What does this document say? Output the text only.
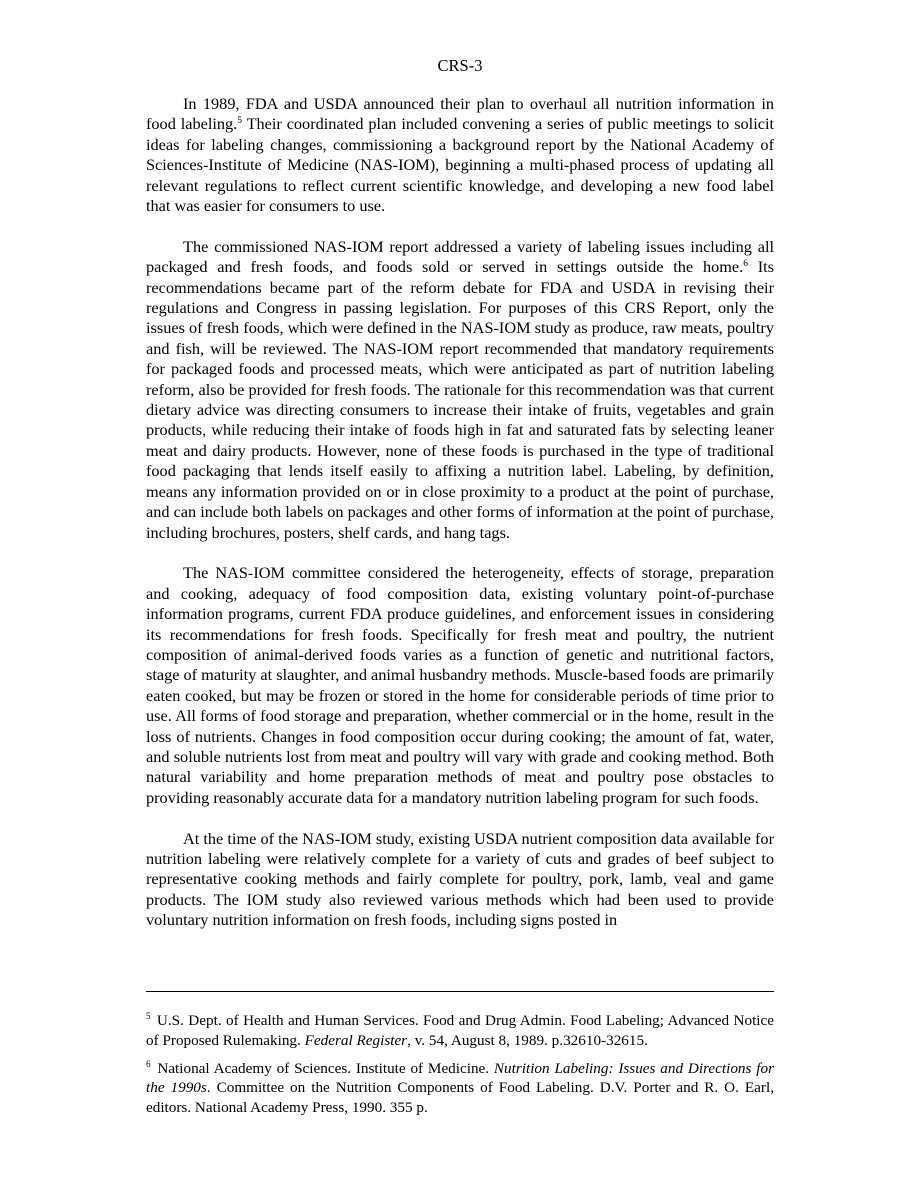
CRS-3

In 1989, FDA and USDA announced their plan to overhaul all nutrition information in food labeling.$^5$ Their coordinated plan included convening a series of public meetings to solicit ideas for labeling changes, commissioning a background report by the National Academy of Sciences-Institute of Medicine (NAS-IOM), beginning a multi-phased process of updating all relevant regulations to reflect current scientific knowledge, and developing a new food label that was easier for consumers to use.

The commissioned NAS-IOM report addressed a variety of labeling issues including all packaged and fresh foods, and foods sold or served in settings outside the home.$^6$ Its recommendations became part of the reform debate for FDA and USDA in revising their regulations and Congress in passing legislation. For purposes of this CRS Report, only the issues of fresh foods, which were defined in the NAS-IOM study as produce, raw meats, poultry and fish, will be reviewed. The NAS-IOM report recommended that mandatory requirements for packaged foods and processed meats, which were anticipated as part of nutrition labeling reform, also be provided for fresh foods. The rationale for this recommendation was that current dietary advice was directing consumers to increase their intake of fruits, vegetables and grain products, while reducing their intake of foods high in fat and saturated fats by selecting leaner meat and dairy products. However, none of these foods is purchased in the type of traditional food packaging that lends itself easily to affixing a nutrition label. Labeling, by definition, means any information provided on or in close proximity to a product at the point of purchase, and can include both labels on packages and other forms of information at the point of purchase, including brochures, posters, shelf cards, and hang tags.

The NAS-IOM committee considered the heterogeneity, effects of storage, preparation and cooking, adequacy of food composition data, existing voluntary point-of-purchase information programs, current FDA produce guidelines, and enforcement issues in considering its recommendations for fresh foods. Specifically for fresh meat and poultry, the nutrient composition of animal-derived foods varies as a function of genetic and nutritional factors, stage of maturity at slaughter, and animal husbandry methods. Muscle-based foods are primarily eaten cooked, but may be frozen or stored in the home for considerable periods of time prior to use. All forms of food storage and preparation, whether commercial or in the home, result in the loss of nutrients. Changes in food composition occur during cooking; the amount of fat, water, and soluble nutrients lost from meat and poultry will vary with grade and cooking method. Both natural variability and home preparation methods of meat and poultry pose obstacles to providing reasonably accurate data for a mandatory nutrition labeling program for such foods.

At the time of the NAS-IOM study, existing USDA nutrient composition data available for nutrition labeling were relatively complete for a variety of cuts and grades of beef subject to representative cooking methods and fairly complete for poultry, pork, lamb, veal and game products. The IOM study also reviewed various methods which had been used to provide voluntary nutrition information on fresh foods, including signs posted in

$^5$ U.S. Dept. of Health and Human Services. Food and Drug Admin. Food Labeling; Advanced Notice of Proposed Rulemaking. Federal Register, v. 54, August 8, 1989. p.32610-32615.

$^6$ National Academy of Sciences. Institute of Medicine. Nutrition Labeling: Issues and Directions for the 1990s. Committee on the Nutrition Components of Food Labeling. D.V. Porter and R. O. Earl, editors. National Academy Press, 1990. 355 p.
